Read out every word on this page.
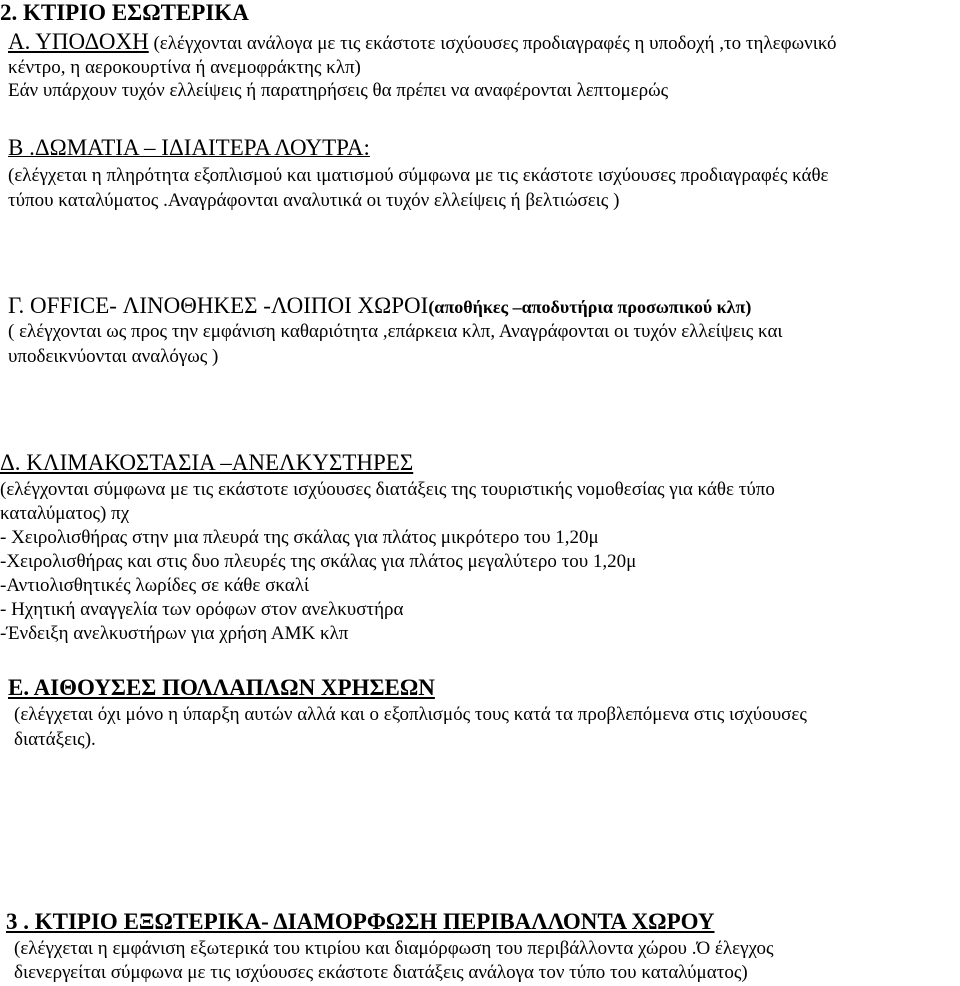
2. ΚΤΙΡΙΟ ΕΣΩΤΕΡΙΚΑ
Α. ΥΠΟΔΟΧΗ (ελέγχονται ανάλογα με τις εκάστοτε ισχύουσες προδιαγραφές η υποδοχή ,το τηλεφωνικό
κέντρο, η αεροκουρτίνα ή ανεμοφράκτης κλπ)
Εάν υπάρχουν τυχόν ελλείψεις ή παρατηρήσεις θα πρέπει να αναφέρονται λεπτομερώς
Β .ΔΩΜΑΤΙΑ – ΙΔΙΑΙΤΕΡΑ ΛΟΥΤΡΑ:
(ελέγχεται η πληρότητα εξοπλισμού και ιματισμού σύμφωνα με τις εκάστοτε ισχύουσες προδιαγραφές κάθε
τύπου καταλύματος .Αναγράφονται αναλυτικά οι τυχόν ελλείψεις ή βελτιώσεις )
Γ. OFFICE- ΛΙΝΟΘΗΚΕΣ -ΛΟΙΠΟΙ ΧΩΡΟΙ(αποθήκες –αποδυτήρια προσωπικού κλπ)
( ελέγχονται ως προς την εμφάνιση καθαριότητα ,επάρκεια κλπ, Αναγράφονται οι τυχόν ελλείψεις και
υποδεικνύονται αναλόγως )
Δ. ΚΛΙΜΑΚΟΣΤΑΣΙΑ –ΑΝΕΛΚΥΣΤΗΡΕΣ
(ελέγχονται σύμφωνα με τις εκάστοτε ισχύουσες διατάξεις της τουριστικής νομοθεσίας για κάθε τύπο
καταλύματος) πχ
- Χειρολισθήρας στην μια πλευρά της σκάλας για πλάτος μικρότερο του 1,20μ
-Χειρολισθήρας και στις δυο πλευρές της σκάλας για πλάτος μεγαλύτερο του 1,20μ
-Αντιολισθητικές λωρίδες σε κάθε σκαλί
- Ηχητική αναγγελία των ορόφων στον ανελκυστήρα
-Ένδειξη ανελκυστήρων για χρήση ΑΜΚ κλπ
Ε. ΑΙΘΟΥΣΕΣ ΠΟΛΛΑΠΛΩΝ ΧΡΗΣΕΩΝ
(ελέγχεται όχι μόνο η ύπαρξη αυτών αλλά και ο εξοπλισμός τους κατά τα προβλεπόμενα στις ισχύουσες
διατάξεις).
3 . ΚΤΙΡΙΟ ΕΞΩΤΕΡΙΚΑ- ΔΙΑΜΟΡΦΩΣΗ ΠΕΡΙΒΑΛΛΟΝΤΑ ΧΩΡΟΥ
(ελέγχεται η εμφάνιση εξωτερικά του κτιρίου και διαμόρφωση του περιβάλλοντα χώρου .Ό έλεγχος
διενεργείται σύμφωνα με τις ισχύουσες εκάστοτε διατάξεις ανάλογα τον τύπο του καταλύματος)
